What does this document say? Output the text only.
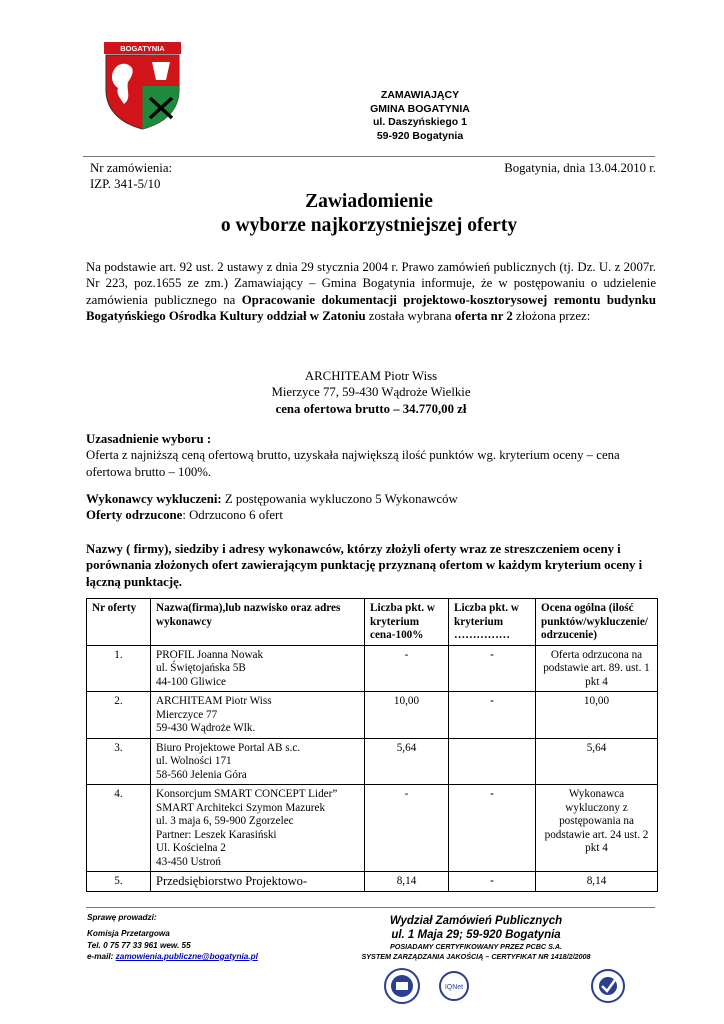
BOGATYNIA
ZAMAWIAJĄCY
GMINA BOGATYNIA
ul. Daszyńskiego 1
59-920 Bogatynia
Nr zamówienia:
IZP. 341-5/10
Bogatynia, dnia 13.04.2010 r.
Zawiadomienie
o wyborze najkorzystniejszej oferty
Na podstawie art. 92 ust. 2 ustawy z dnia 29 stycznia 2004 r. Prawo zamówień publicznych (tj. Dz. U. z 2007r. Nr 223, poz.1655 ze zm.) Zamawiający – Gmina Bogatynia informuje, że w postępowaniu o udzielenie zamówienia publicznego na Opracowanie dokumentacji projektowo-kosztorysowej remontu budynku Bogatyńskiego Ośrodka Kultury oddział w Zatoniu została wybrana oferta nr 2 złożona przez:
ARCHITEAM Piotr Wiss
Mierzyce 77, 59-430 Wądroże Wielkie
cena ofertowa brutto – 34.770,00 zł
Uzasadnienie wyboru :
Oferta z najniższą ceną ofertową brutto, uzyskała największą ilość punktów wg. kryterium oceny – cena ofertowa brutto – 100%.
Wykonawcy wykluczeni: Z postępowania wykluczono 5 Wykonawców
Oferty odrzucone: Odrzucono 6 ofert
Nazwy ( firmy), siedziby i adresy wykonawców, którzy złożyli oferty wraz ze streszczeniem oceny i porównania złożonych ofert zawierającym punktację przyznaną ofertom w każdym kryterium oceny i łączną punktację.
Nr oferty	Nazwa(firma),lub nazwisko oraz adres wykonawcy	Liczba pkt. w kryterium cena-100%	Liczba pkt. w kryterium ……………	Ocena ogólna (ilość punktów/wykluczenie/ odrzucenie)
1.	PROFIL Joanna Nowak
ul. Świętojańska 5B
44-100 Gliwice	-	-	Oferta odrzucona na podstawie art. 89. ust. 1 pkt 4
2.	ARCHITEAM Piotr Wiss
Mierczyce 77
59-430 Wądroże Wlk.	10,00	-	10,00
3.	Biuro Projektowe Portal AB s.c.
ul. Wolności 171
58-560 Jelenia Góra	5,64		5,64
4.	Konsorcjum SMART CONCEPT Lider” SMART Architekci Szymon Mazurek
ul. 3 maja 6, 59-900 Zgorzelec
Partner: Leszek Karasiński
Ul. Kościelna 2
43-450 Ustroń	-	-	Wykonawca wykluczony z postępowania na podstawie art. 24 ust. 2 pkt 4
5.	Przedsiębiorstwo Projektowo-	8,14	-	8,14
Sprawę prowadzi:
Komisja Przetargowa
Tel. 0 75 77 33 961 wew. 55
e-mail: zamowienia.publiczne@bogatynia.pl
Wydział Zamówień Publicznych
ul. 1 Maja 29; 59-920 Bogatynia
POSIADAMY CERTYFIKOWANY PRZEZ PCBC S.A.
SYSTEM ZARZĄDZANIA JAKOŚCIĄ – CERTYFIKAT NR 1418/2/2008
IQNet
